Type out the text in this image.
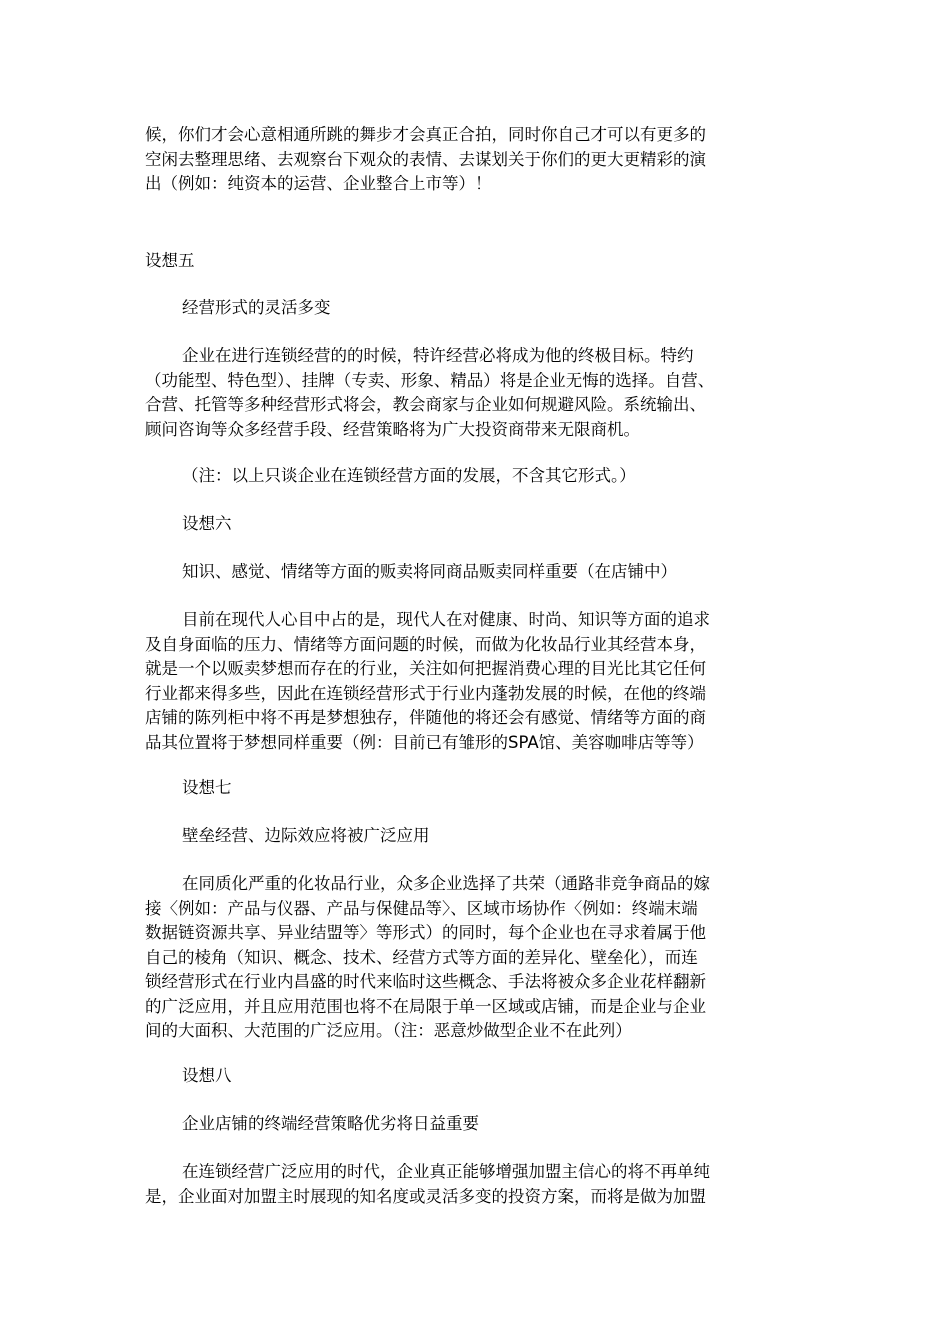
候，你们才会心意相通所跳的舞步才会真正合拍，同时你自己才可以有更多的

空闲去整理思绪、去观察台下观众的表情、去谋划关于你们的更大更精彩的演

出（例如：纯资本的运营、企业整合上市等）！

设想五

经营形式的灵活多变

企业在进行连锁经营的的时候，特许经营必将成为他的终极目标。特约

（功能型、特色型）、挂牌（专卖、形象、精品）将是企业无悔的选择。自营、

合营、托管等多种经营形式将会，教会商家与企业如何规避风险。系统输出、

顾问咨询等众多经营手段、经营策略将为广大投资商带来无限商机。

（注：以上只谈企业在连锁经营方面的发展，不含其它形式。）

设想六

知识、感觉、情绪等方面的贩卖将同商品贩卖同样重要（在店铺中）

目前在现代人心目中占的是，现代人在对健康、时尚、知识等方面的追求

及自身面临的压力、情绪等方面问题的时候，而做为化妆品行业其经营本身，

就是一个以贩卖梦想而存在的行业，关注如何把握消费心理的目光比其它任何

行业都来得多些，因此在连锁经营形式于行业内蓬勃发展的时候，在他的终端

店铺的陈列柜中将不再是梦想独存，伴随他的将还会有感觉、情绪等方面的商

品其位置将于梦想同样重要（例：目前已有雏形的SPA馆、美容咖啡店等等）

设想七

壁垒经营、边际效应将被广泛应用

在同质化严重的化妆品行业，众多企业选择了共荣（通路非竞争商品的嫁

接〈例如：产品与仪器、产品与保健品等〉、区域市场协作〈例如：终端末端

数据链资源共享、异业结盟等〉等形式）的同时，每个企业也在寻求着属于他

自己的棱角（知识、概念、技术、经营方式等方面的差异化、壁垒化），而连

锁经营形式在行业内昌盛的时代来临时这些概念、手法将被众多企业花样翻新

的广泛应用，并且应用范围也将不在局限于单一区域或店铺，而是企业与企业

间的大面积、大范围的广泛应用。（注：恶意炒做型企业不在此列）

设想八

企业店铺的终端经营策略优劣将日益重要

在连锁经营广泛应用的时代，企业真正能够增强加盟主信心的将不再单纯

是，企业面对加盟主时展现的知名度或灵活多变的投资方案，而将是做为加盟
